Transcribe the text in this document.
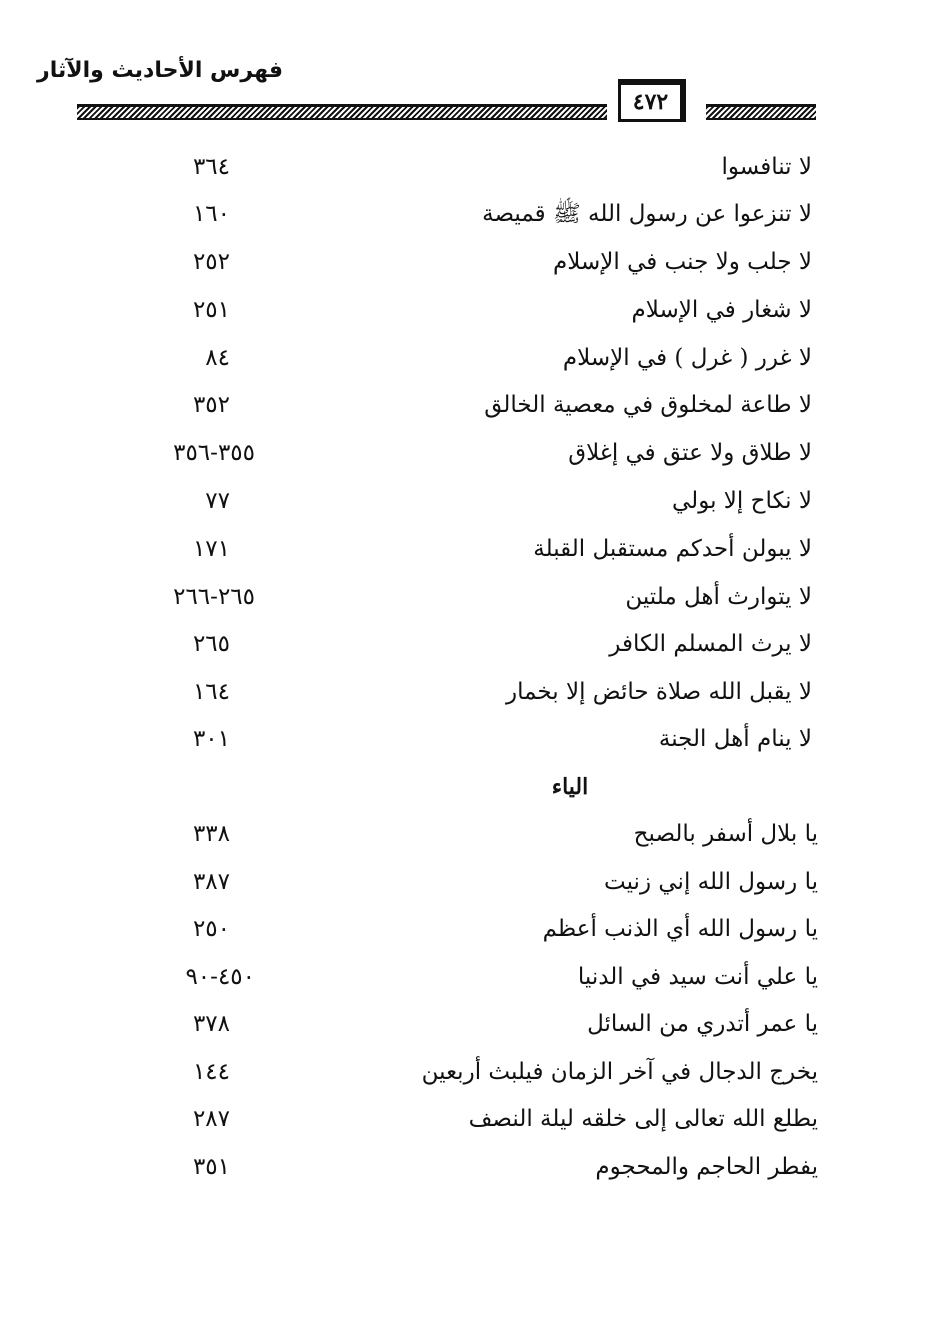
فهرس الأحاديث والآثار
٤٧٢
لا تنافسوا
٣٦٤
لا تنزعوا عن رسول الله ﷺ قميصة
١٦٠
لا جلب ولا جنب في الإسلام
٢٥٢
لا شغار في الإسلام
٢٥١
لا غرر ( غرل ) في الإسلام
٨٤
لا طاعة لمخلوق في معصية الخالق
٣٥٢
لا طلاق ولا عتق في إغلاق
٣٥٥-٣٥٦
لا نكاح إلا بولي
٧٧
لا يبولن أحدكم مستقبل القبلة
١٧١
لا يتوارث أهل ملتين
٢٦٥-٢٦٦
لا يرث المسلم الكافر
٢٦٥
لا يقبل الله صلاة حائض إلا بخمار
١٦٤
لا ينام أهل الجنة
٣٠١
الياء
يا بلال أسفر بالصبح
٣٣٨
يا رسول الله إني زنيت
٣٨٧
يا رسول الله أي الذنب أعظم
٢٥٠
يا علي أنت سيد في الدنيا
٤٥٠-٩٠
يا عمر أتدري من السائل
٣٧٨
يخرج الدجال في آخر الزمان فيلبث أربعين
١٤٤
يطلع الله تعالى إلى خلقه ليلة النصف
٢٨٧
يفطر الحاجم والمحجوم
٣٥١
